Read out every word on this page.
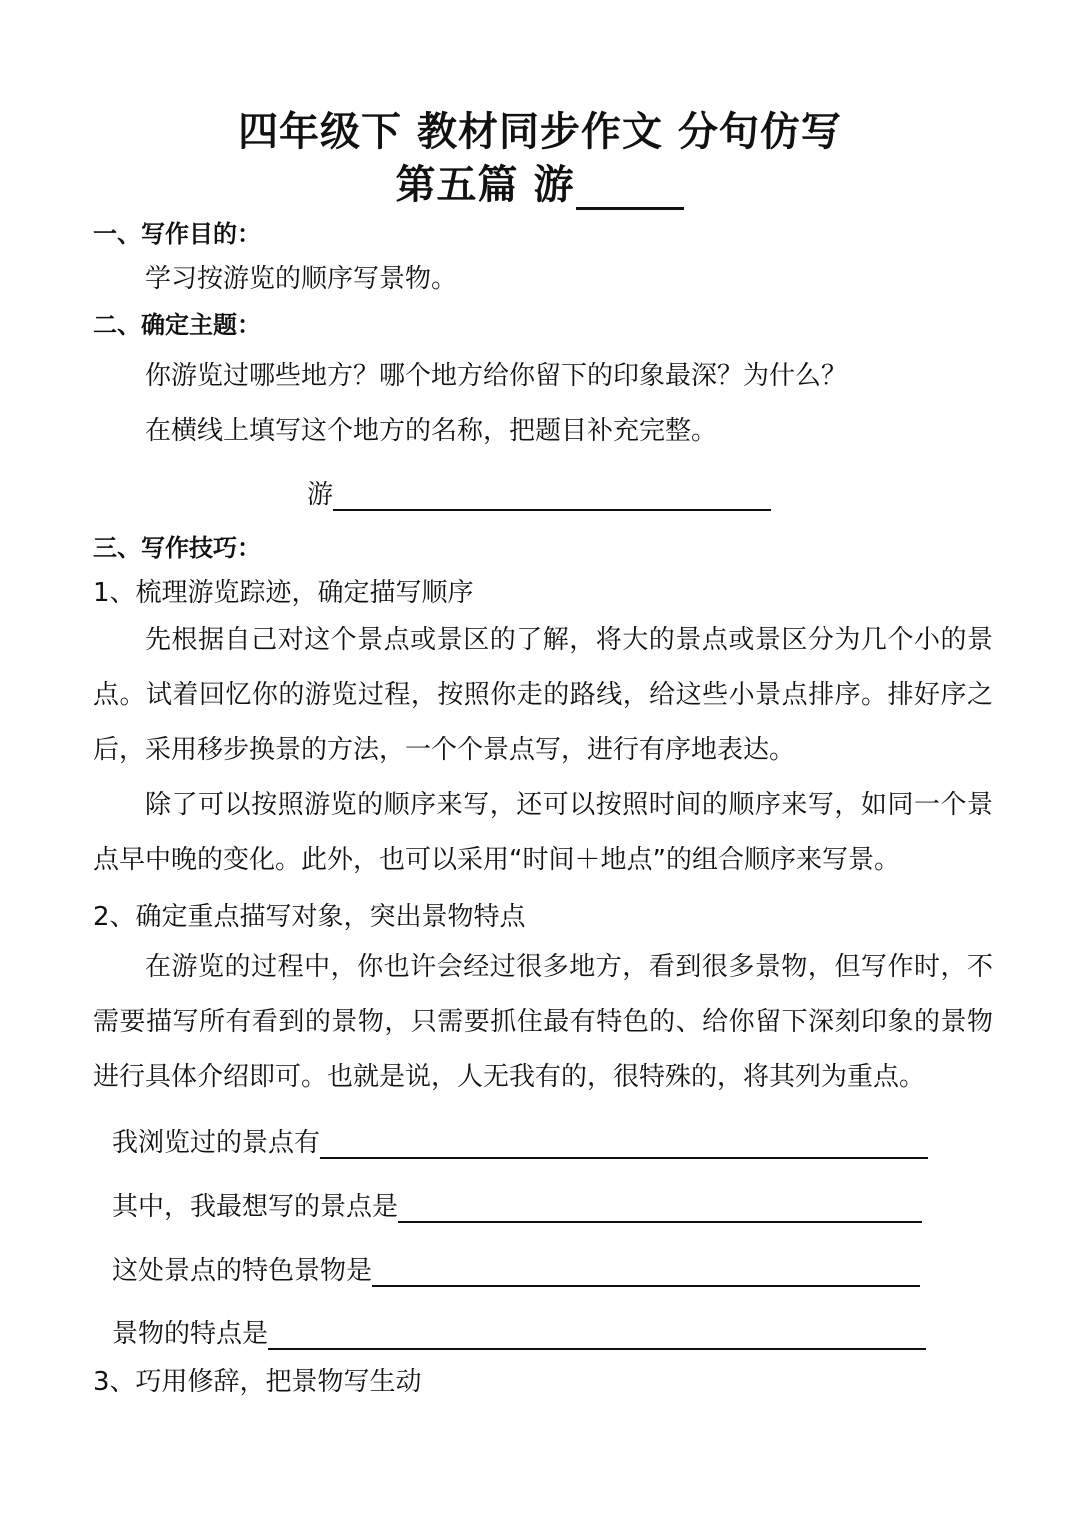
四年级下 教材同步作文 分句仿写
第五篇 游
一、写作目的：
学习按游览的顺序写景物。
二、确定主题：
你游览过哪些地方？哪个地方给你留下的印象最深？为什么？
在横线上填写这个地方的名称，把题目补充完整。
游
三、写作技巧：
1、梳理游览踪迹，确定描写顺序
先根据自己对这个景点或景区的了解，将大的景点或景区分为几个小的景点。试着回忆你的游览过程，按照你走的路线，给这些小景点排序。排好序之后，采用移步换景的方法，一个个景点写，进行有序地表达。
除了可以按照游览的顺序来写，还可以按照时间的顺序来写，如同一个景点早中晚的变化。此外，也可以采用“时间＋地点”的组合顺序来写景。
2、确定重点描写对象，突出景物特点
在游览的过程中，你也许会经过很多地方，看到很多景物，但写作时，不需要描写所有看到的景物，只需要抓住最有特色的、给你留下深刻印象的景物进行具体介绍即可。也就是说，人无我有的，很特殊的，将其列为重点。
我浏览过的景点有
其中，我最想写的景点是
这处景点的特色景物是
景物的特点是
3、巧用修辞，把景物写生动
